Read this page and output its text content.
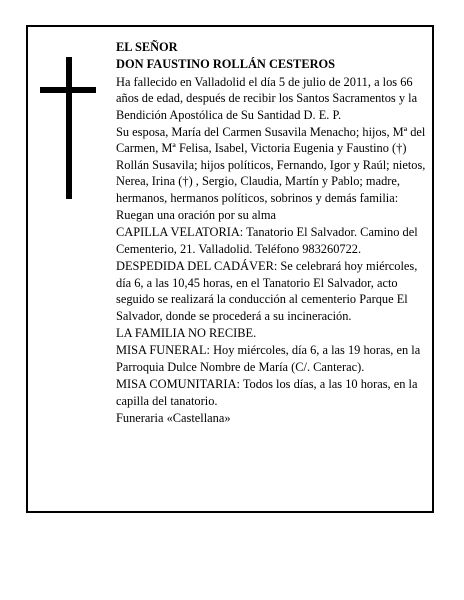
EL SEÑOR

DON FAUSTINO ROLLÁN CESTEROS

Ha fallecido en Valladolid el día 5 de julio de 2011, a los 66 años de edad, después de recibir los Santos Sacramentos y la Bendición Apostólica de Su Santidad D. E. P.

Su esposa, María del Carmen Susavila Menacho; hijos, Mª del Carmen, Mª Felisa, Isabel, Victoria Eugenia y Faustino (†) Rollán Susavila; hijos políticos, Fernando, Igor y Raúl; nietos, Nerea, Irina (†) , Sergio, Claudia, Martín y Pablo; madre, hermanos, hermanos políticos, sobrinos y demás familia:

Ruegan una oración por su alma

CAPILLA VELATORIA: Tanatorio El Salvador. Camino del Cementerio, 21. Valladolid. Teléfono 983260722.

DESPEDIDA DEL CADÁVER: Se celebrará hoy miércoles, día 6, a las 10,45 horas, en el Tanatorio El Salvador, acto seguido se realizará la conducción al cementerio Parque El Salvador, donde se procederá a su incineración.

LA FAMILIA NO RECIBE.

MISA FUNERAL: Hoy miércoles, día 6, a las 19 horas, en la Parroquia Dulce Nombre de María (C/. Canterac).

MISA COMUNITARIA: Todos los días, a las 10 horas, en la capilla del tanatorio.

Funeraria «Castellana»
